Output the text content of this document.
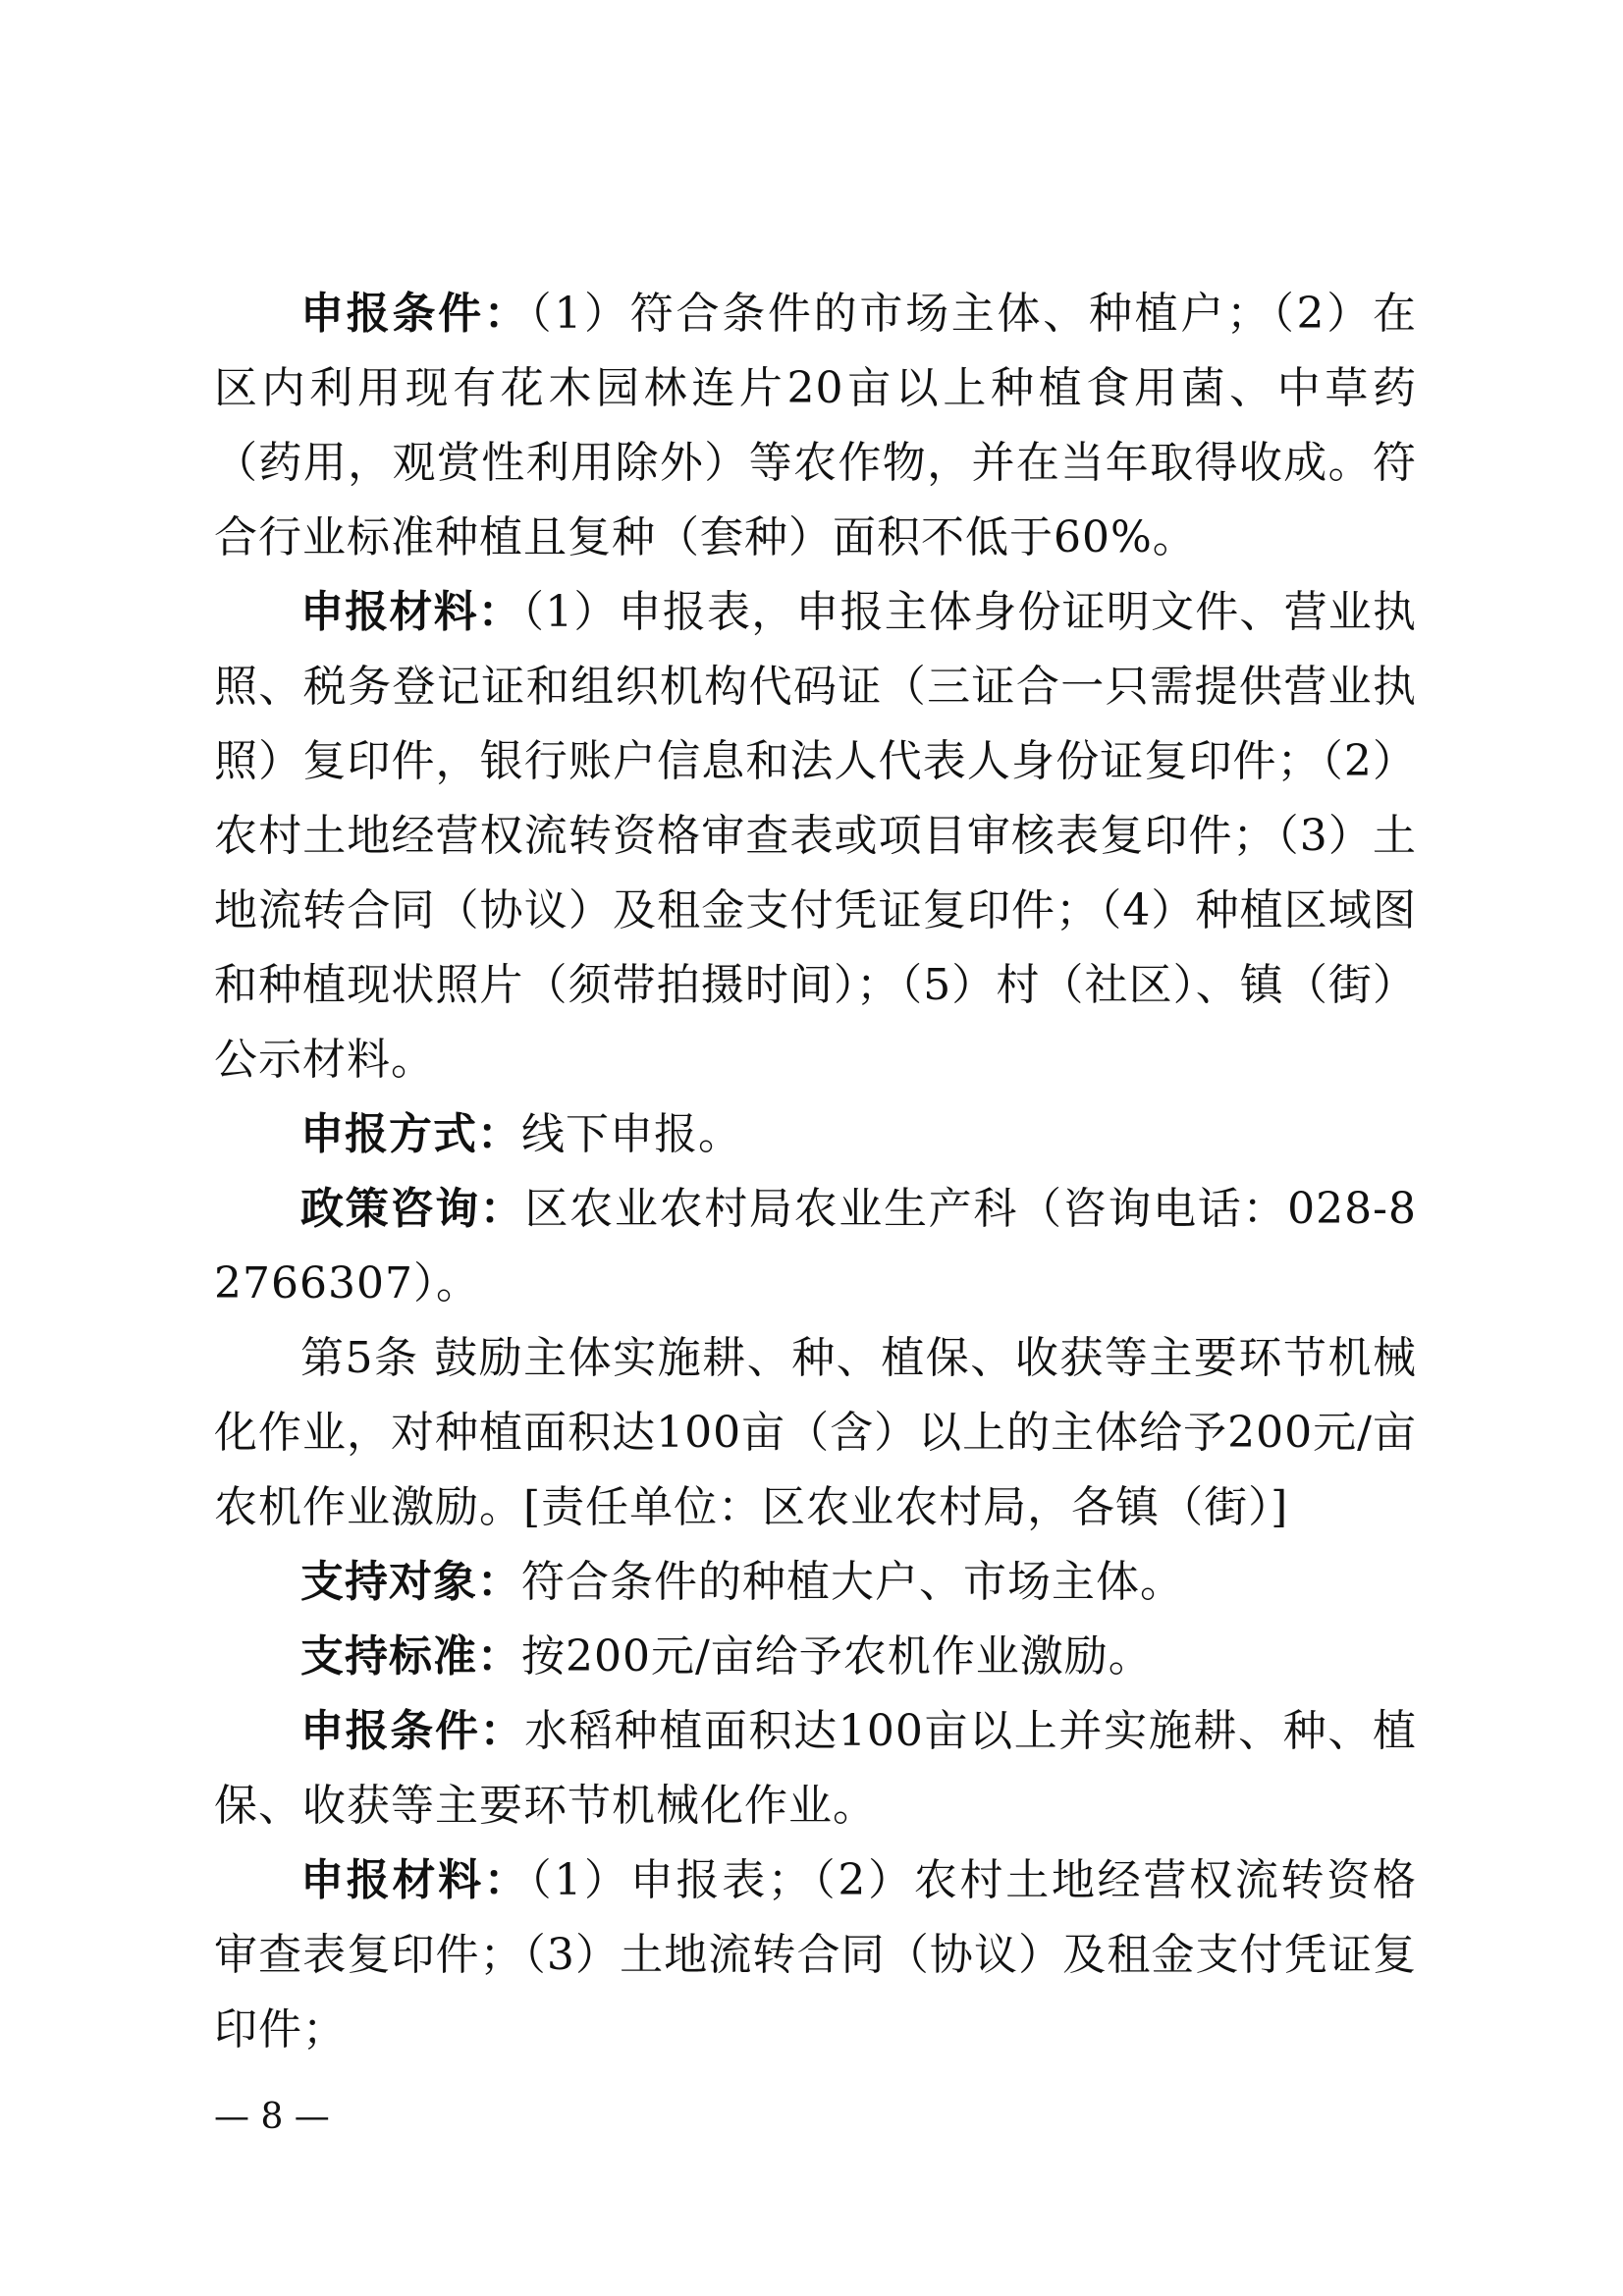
申报条件：（1）符合条件的市场主体、种植户；（2）在区内利用现有花木园林连片20亩以上种植食用菌、中草药（药用，观赏性利用除外）等农作物，并在当年取得收成。符合行业标准种植且复种（套种）面积不低于60%。

申报材料：（1）申报表，申报主体身份证明文件、营业执照、税务登记证和组织机构代码证（三证合一只需提供营业执照）复印件，银行账户信息和法人代表人身份证复印件；（2）农村土地经营权流转资格审查表或项目审核表复印件；（3）土地流转合同（协议）及租金支付凭证复印件；（4）种植区域图和种植现状照片（须带拍摄时间）；（5）村（社区）、镇（街）公示材料。

申报方式：线下申报。

政策咨询：区农业农村局农业生产科（咨询电话：028-82766307）。

第5条 鼓励主体实施耕、种、植保、收获等主要环节机械化作业，对种植面积达100亩（含）以上的主体给予200元/亩农机作业激励。[责任单位：区农业农村局，各镇（街）]

支持对象：符合条件的种植大户、市场主体。

支持标准：按200元/亩给予农机作业激励。

申报条件：水稻种植面积达100亩以上并实施耕、种、植保、收获等主要环节机械化作业。

申报材料：（1）申报表；（2）农村土地经营权流转资格审查表复印件；（3）土地流转合同（协议）及租金支付凭证复印件；

— 8 —
